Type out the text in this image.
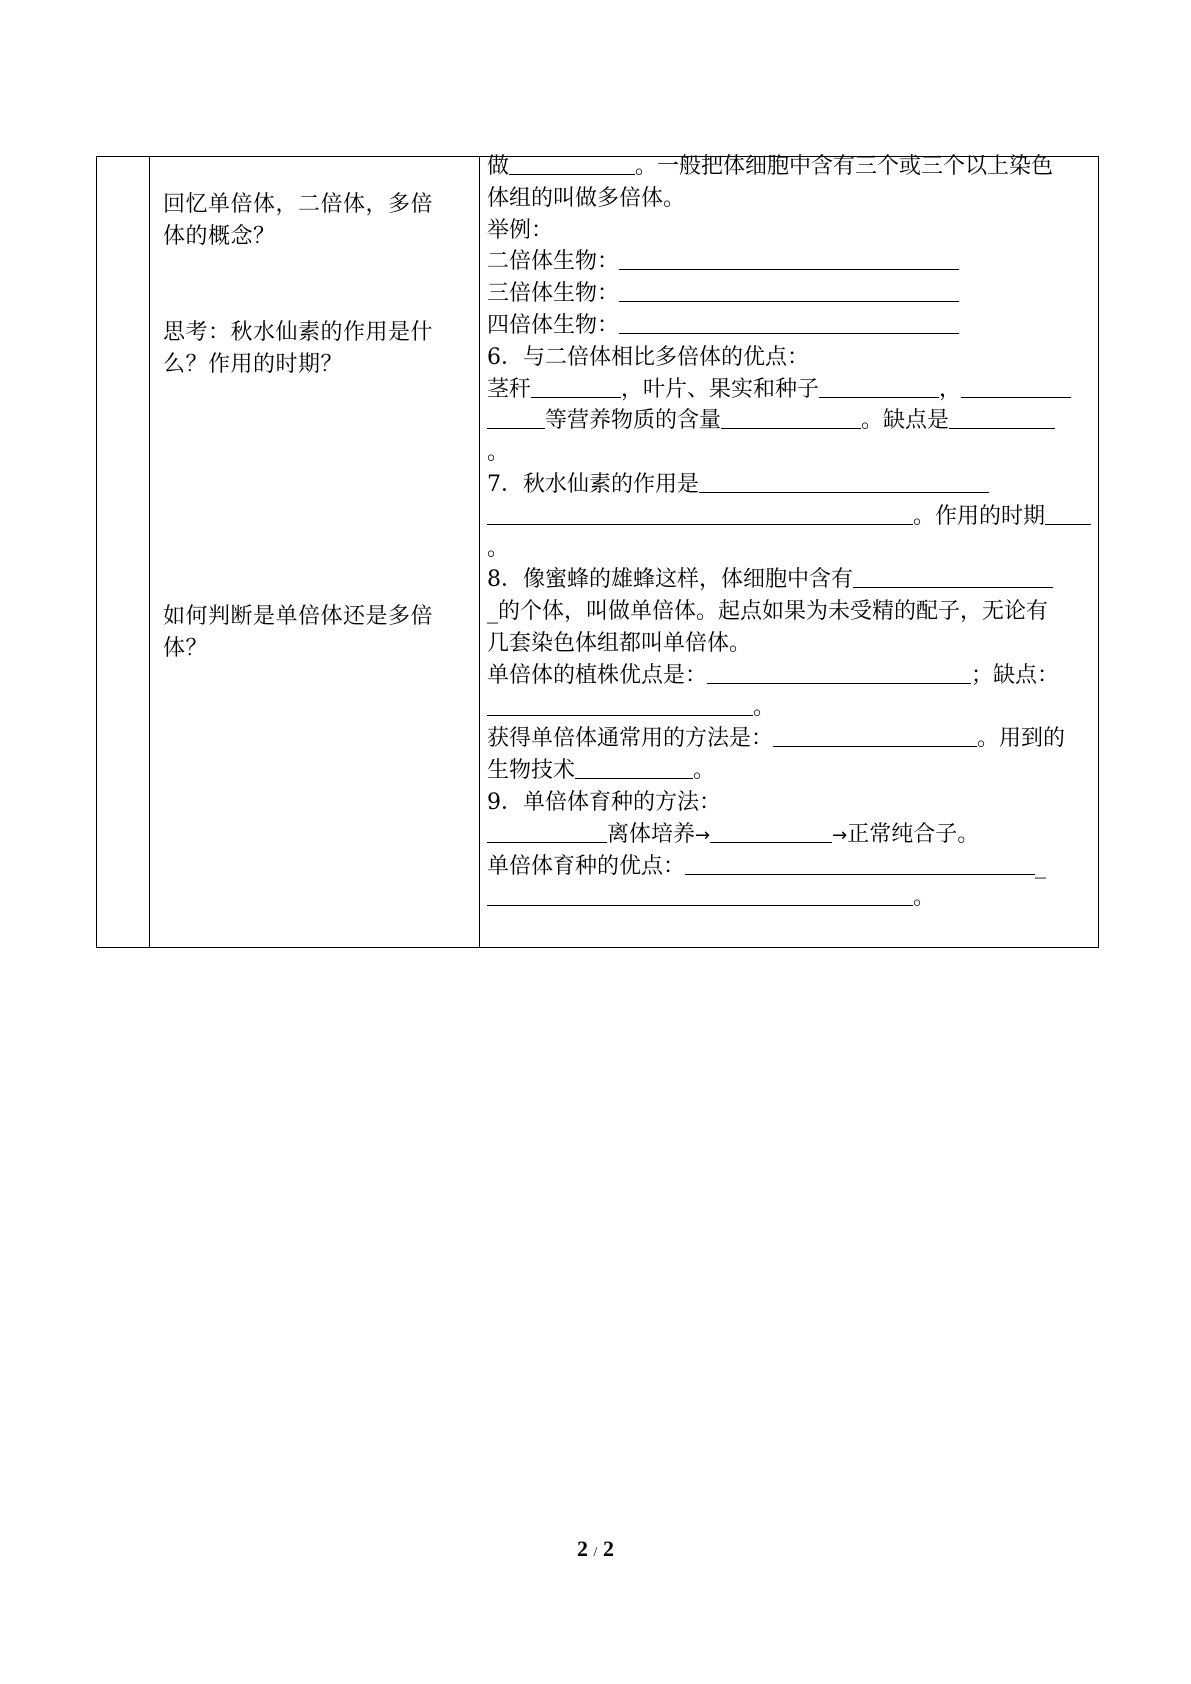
回忆单倍体，二倍体，多倍
体的概念？
思考：秋水仙素的作用是什
么？作用的时期？
如何判断是单倍体还是多倍
体？
做	。一般把体细胞中含有三个或三个以上染色
体组的叫做多倍体。
举例：
二倍体生物：
三倍体生物：
四倍体生物：
6．与二倍体相比多倍体的优点：
茎秆	，叶片、果实和种子	，
等营养物质的含量	。缺点是
。
7．秋水仙素的作用是
。作用的时期
。
8．像蜜蜂的雄蜂这样，体细胞中含有
_的个体，叫做单倍体。起点如果为未受精的配子，无论有
几套染色体组都叫单倍体。
单倍体的植株优点是：	；缺点：
。
获得单倍体通常用的方法是：	。用到的
生物技术	。
9．单倍体育种的方法：
离体培养→	→正常纯合子。
单倍体育种的优点：	_
。
2 / 2
